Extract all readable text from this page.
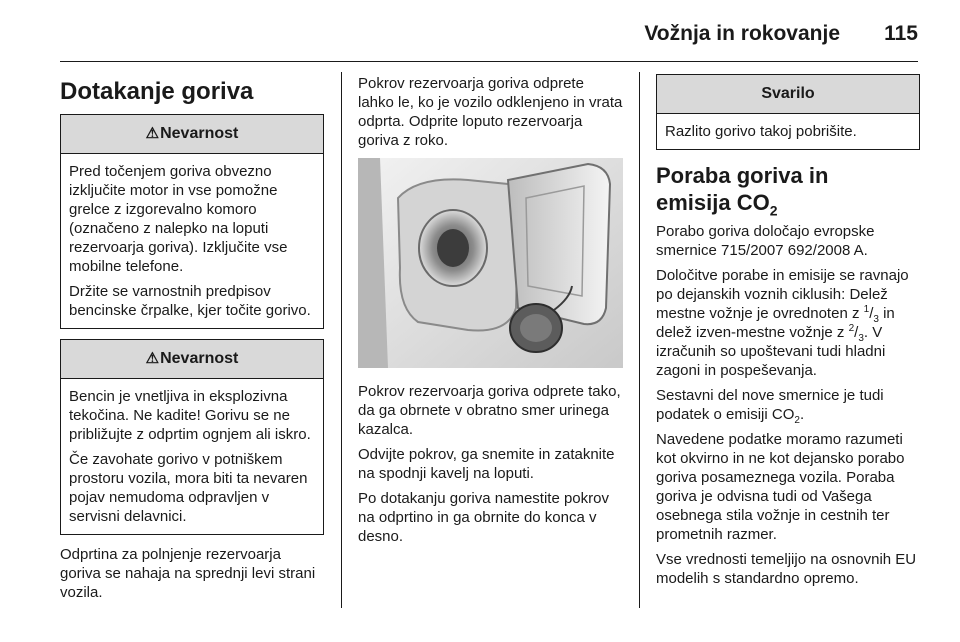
Vožnja in rokovanje 115
Dotakanje goriva
⚠Nevarnost

Pred točenjem goriva obvezno izključite motor in vse pomožne grelce z izgorevalno komoro (označeno z nalepko na loputi rezervoarja goriva). Izključite vse mobilne telefone.

Držite se varnostnih predpisov bencinske črpalke, kjer točite gorivo.

⚠Nevarnost

Bencin je vnetljiva in eksplozivna tekočina. Ne kadite! Gorivu se ne približujte z odprtim ognjem ali iskro.

Če zavohate gorivo v potniškem prostoru vozila, mora biti ta nevaren pojav nemudoma odpravljen v servisni delavnici.

Odprtina za polnjenje rezervoarja goriva se nahaja na sprednji levi strani vozila.

Pokrov rezervoarja goriva odprete lahko le, ko je vozilo odklenjeno in vrata odprta. Odprite loputo rezervoarja goriva z roko.

Pokrov rezervoarja goriva odprete tako, da ga obrnete v obratno smer urinega kazalca.

Odvijte pokrov, ga snemite in zataknite na spodnji kavelj na loputi.

Po dotakanju goriva namestite pokrov na odprtino in ga obrnite do konca v desno.

Svarilo

Razlito gorivo takoj pobrišite.

Poraba goriva in
emisija $CO_2$

Porabo goriva določajo evropske smernice 715/2007 692/2008 A.

Določitve porabe in emisije se ravnajo po dejanskih voznih ciklusih: Delež mestne vožnje je ovrednoten z $^1/_3$ in delež izven-mestne vožnje z $^2/_3$. V izračunih so upoštevani tudi hladni zagoni in pospeševanja.

Sestavni del nove smernice je tudi podatek o emisiji $CO_2$.

Navedene podatke moramo razumeti kot okvirno in ne kot dejansko porabo goriva posameznega vozila. Poraba goriva je odvisna tudi od Vašega osebnega stila vožnje in cestnih ter prometnih razmer.

Vse vrednosti temeljijo na osnovnih EU modelih s standardno opremo.
